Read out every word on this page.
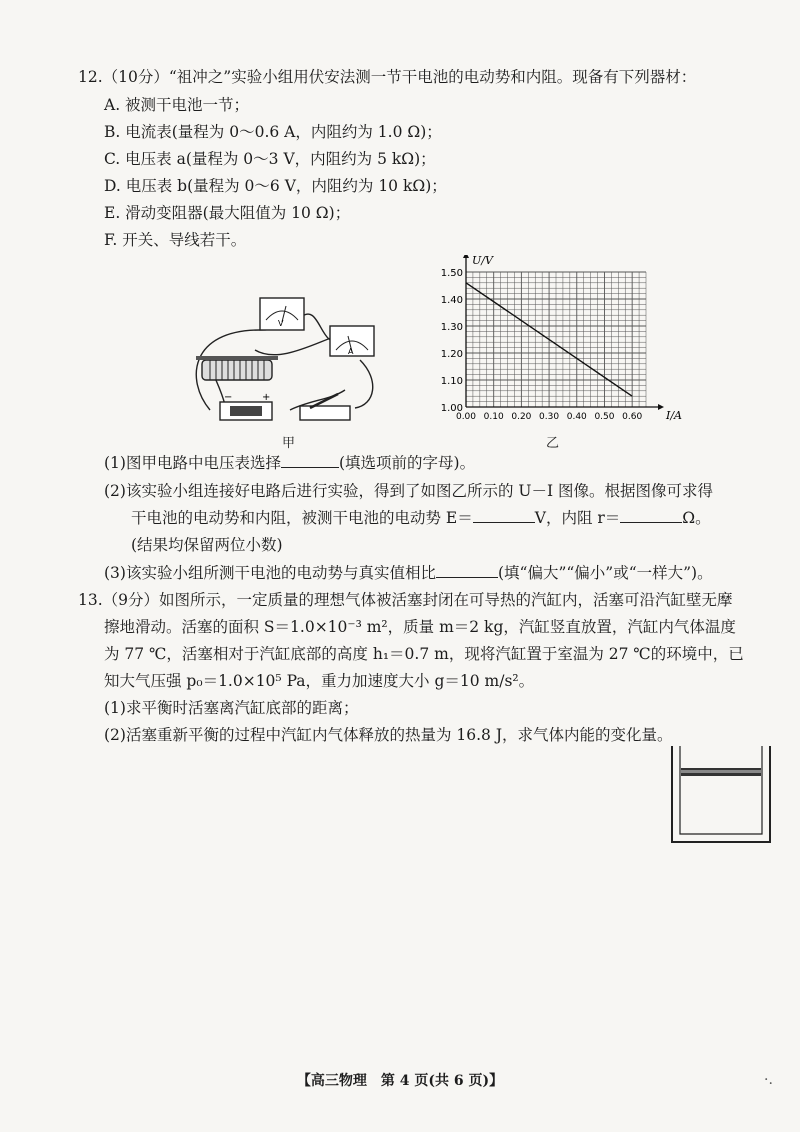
12.（10分）“祖冲之”实验小组用伏安法测一节干电池的电动势和内阻。现备有下列器材：
A. 被测干电池一节；
B. 电流表(量程为 0～0.6 A，内阻约为 1.0 Ω)；
C. 电压表 a(量程为 0～3 V，内阻约为 5 kΩ)；
D. 电压表 b(量程为 0～6 V，内阻约为 10 kΩ)；
E. 滑动变阻器(最大阻值为 10 Ω)；
F. 开关、导线若干。
V
A
−	+
甲
U/V
I/A
1.00
1.10
1.20
1.30
1.40
1.50
0.00 0.10 0.20 0.30 0.40 0.50 0.60
乙
(1)图甲电路中电压表选择	(填选项前的字母)。
(2)该实验小组连接好电路后进行实验，得到了如图乙所示的 U－I 图像。根据图像可求得
干电池的电动势和内阻，被测干电池的电动势 E＝	V，内阻 r＝	Ω。
(结果均保留两位小数)
(3)该实验小组所测干电池的电动势与真实值相比	(填“偏大”“偏小”或“一样大”)。
13.（9分）如图所示，一定质量的理想气体被活塞封闭在可导热的汽缸内，活塞可沿汽缸壁无摩
擦地滑动。活塞的面积 S＝1.0×10⁻³ m²，质量 m＝2 kg，汽缸竖直放置，汽缸内气体温度
为 77 ℃，活塞相对于汽缸底部的高度 h₁＝0.7 m，现将汽缸置于室温为 27 ℃的环境中，已
知大气压强 p₀＝1.0×10⁵ Pa，重力加速度大小 g＝10 m/s²。
(1)求平衡时活塞离汽缸底部的距离；
(2)活塞重新平衡的过程中汽缸内气体释放的热量为 16.8 J，求气体内能的变化量。
【高三物理　第 4 页(共 6 页)】	·.
